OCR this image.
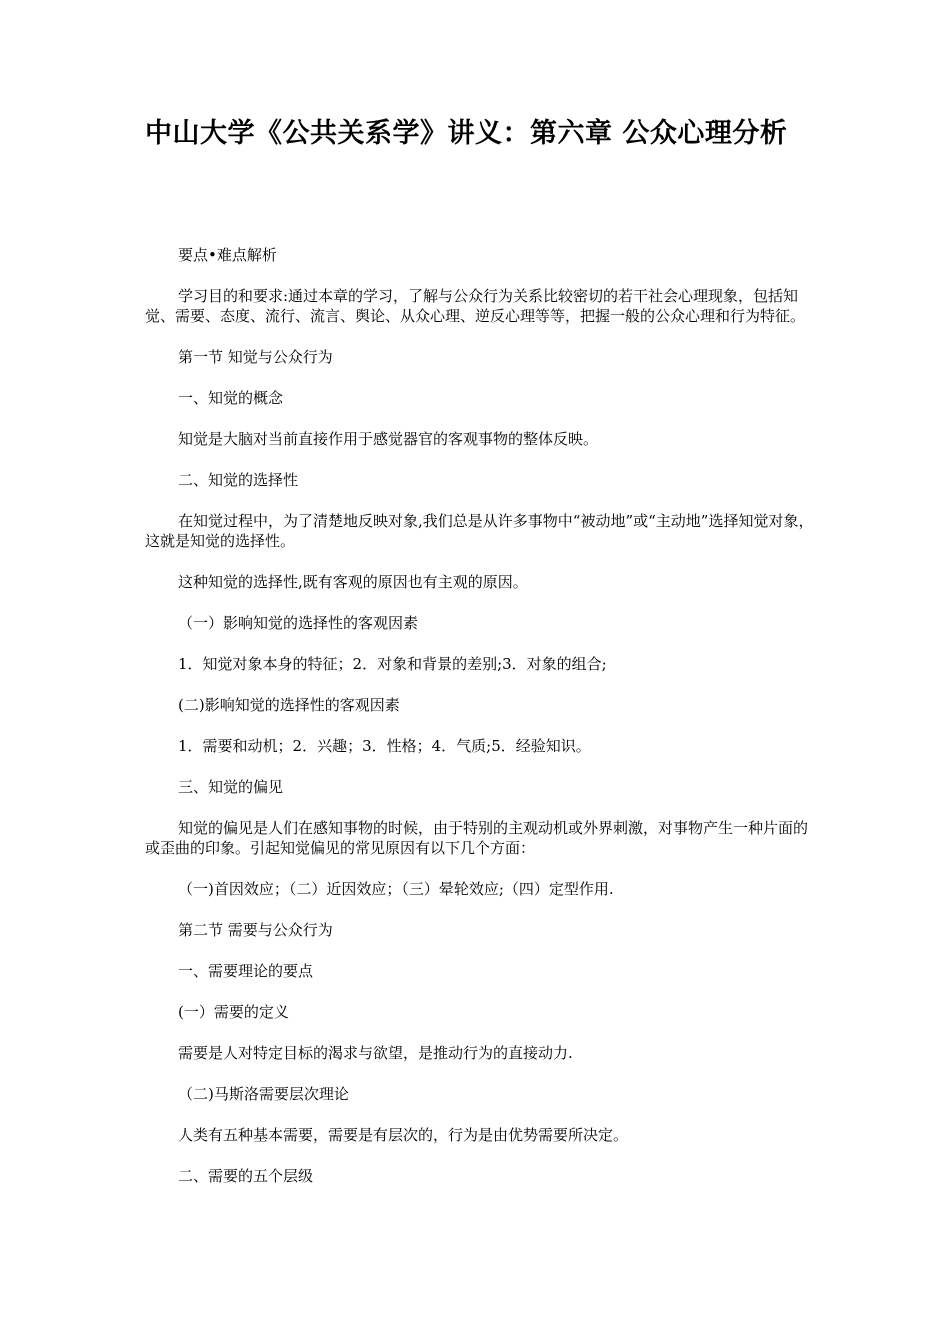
中山大学《公共关系学》讲义：第六章 公众心理分析

要点•难点解析

学习目的和要求:通过本章的学习，了解与公众行为关系比较密切的若干社会心理现象，包括知觉、需要、态度、流行、流言、舆论、从众心理、逆反心理等等，把握一般的公众心理和行为特征。

第一节 知觉与公众行为

一、知觉的概念

知觉是大脑对当前直接作用于感觉器官的客观事物的整体反映。

二、知觉的选择性

在知觉过程中，为了清楚地反映对象,我们总是从许多事物中“被动地”或“主动地”选择知觉对象，这就是知觉的选择性。

这种知觉的选择性,既有客观的原因也有主观的原因。

（一）影响知觉的选择性的客观因素

1．知觉对象本身的特征；2．对象和背景的差别;3．对象的组合;

(二)影响知觉的选择性的客观因素

1．需要和动机；2．兴趣；3．性格；4．气质;5．经验知识。

三、知觉的偏见

知觉的偏见是人们在感知事物的时候，由于特别的主观动机或外界刺激，对事物产生一种片面的或歪曲的印象。引起知觉偏见的常见原因有以下几个方面：

（一)首因效应；（二）近因效应；（三）晕轮效应;（四）定型作用.

第二节 需要与公众行为

一、需要理论的要点

(一）需要的定义

需要是人对特定目标的渴求与欲望，是推动行为的直接动力.

（二)马斯洛需要层次理论

人类有五种基本需要，需要是有层次的，行为是由优势需要所决定。

二、需要的五个层级
